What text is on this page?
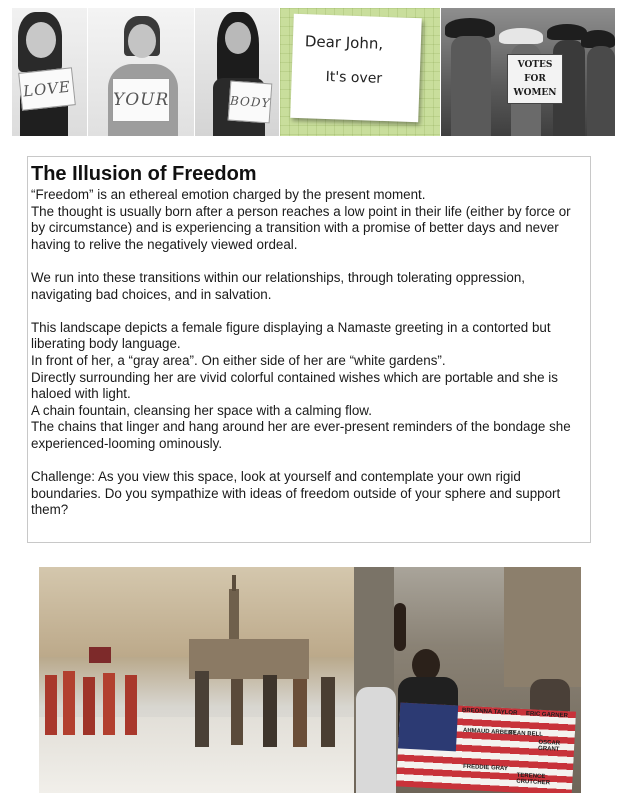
LOVE YOUR	BODY
Dear John,
It's over
VOTES
FOR
WOMEN
The Illusion of Freedom

“Freedom” is an ethereal emotion charged by the present moment.

The thought is usually born after a person reaches a low point in their life (either by force or by circumstance) and is experiencing a transition with a promise of better days and never having to relive the negatively viewed ordeal.

We run into these transitions within our relationships, through tolerating oppression, navigating bad choices, and in salvation.

This landscape depicts a female figure displaying a Namaste greeting in a contorted but liberating body language.

In front of her, a “gray area”. On either side of her are “white gardens”.

Directly surrounding her are vivid colorful contained wishes which are portable and she is haloed with light.

A chain fountain, cleansing her space with a calming flow.

The chains that linger and hang around her are ever-present reminders of the bondage she experienced-looming ominously.

Challenge: As you view this space, look at yourself and contemplate your own rigid boundaries. Do you sympathize with ideas of freedom outside of your sphere and support them?

BREONNA TAYLOR ERIC GARNER
AHMAUD ARBERY
SEAN BELL
OSCAR GRANT
FREDDIE GRAY
TERENCE CRUTCHER
